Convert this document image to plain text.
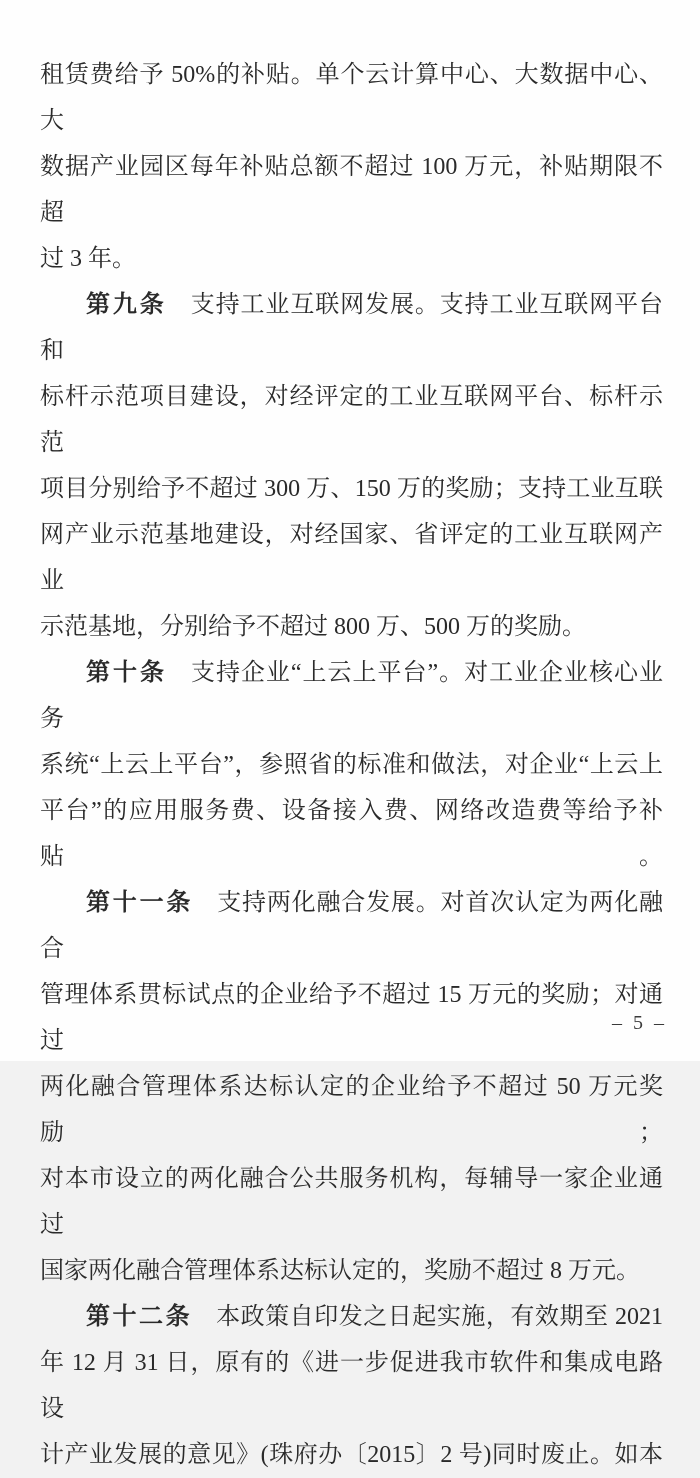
租赁费给予 50%的补贴。单个云计算中心、大数据中心、大
数据产业园区每年补贴总额不超过 100 万元，补贴期限不超
过 3 年。

第九条 支持工业互联网发展。支持工业互联网平台和
标杆示范项目建设，对经评定的工业互联网平台、标杆示范
项目分别给予不超过 300 万、150 万的奖励；支持工业互联
网产业示范基地建设，对经国家、省评定的工业互联网产业
示范基地，分别给予不超过 800 万、500 万的奖励。

第十条 支持企业“上云上平台”。对工业企业核心业务
系统“上云上平台”，参照省的标准和做法，对企业“上云上
平台”的应用服务费、设备接入费、网络改造费等给予补贴。

第十一条 支持两化融合发展。对首次认定为两化融合
管理体系贯标试点的企业给予不超过 15 万元的奖励；对通过
两化融合管理体系达标认定的企业给予不超过 50 万元奖励；
对本市设立的两化融合公共服务机构，每辅导一家企业通过
国家两化融合管理体系达标认定的，奖励不超过 8 万元。

第十二条 本政策自印发之日起实施，有效期至 2021
年 12 月 31 日，原有的《进一步促进我市软件和集成电路设
计产业发展的意见》(珠府办〔2015〕2 号)同时废止。如本

– 5 –
